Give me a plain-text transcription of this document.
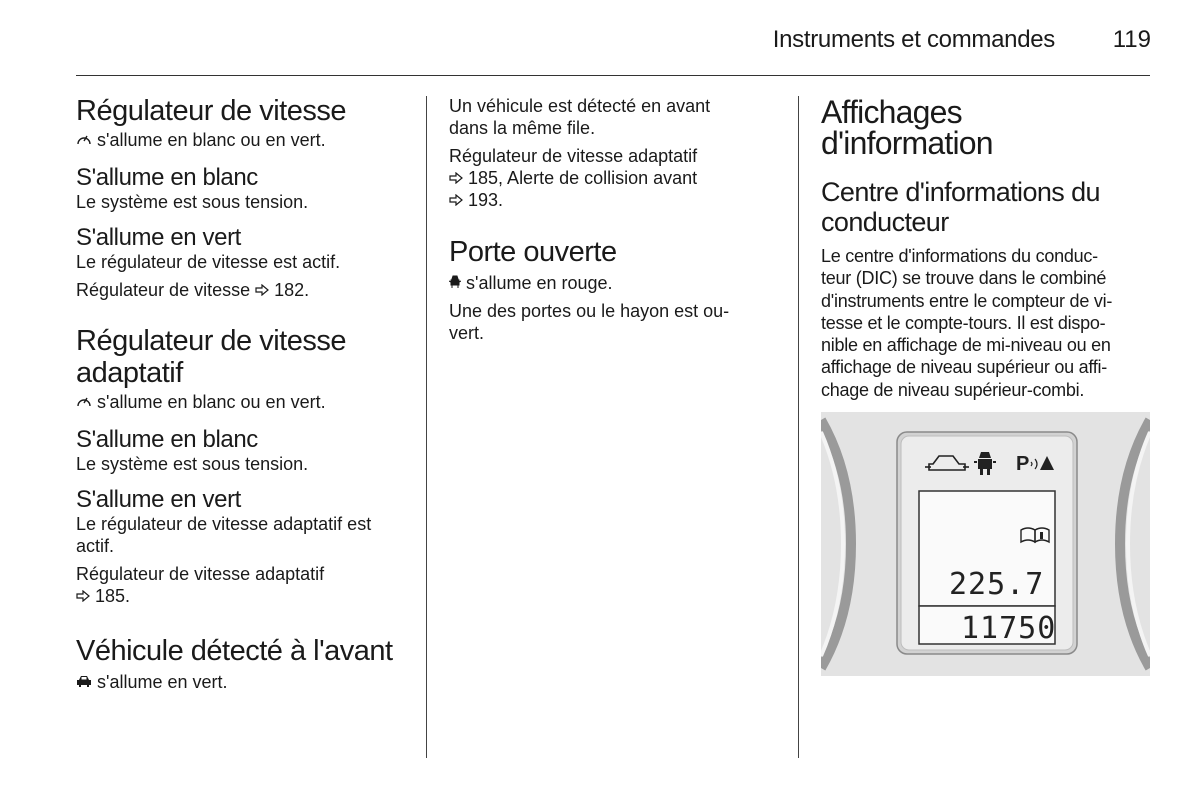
Instruments et commandes 119
Régulateur de vitesse

s'allume en blanc ou en vert.

S'allume en blanc

Le système est sous tension.

S'allume en vert

Le régulateur de vitesse est actif.

Régulateur de vitesse 182.

Régulateur de vitesse
adaptatif

s'allume en blanc ou en vert.

S'allume en blanc

Le système est sous tension.

S'allume en vert

Le régulateur de vitesse adaptatif est
actif.

Régulateur de vitesse adaptatif
185.

Véhicule détecté à l'avant

s'allume en vert.

Un véhicule est détecté en avant
dans la même file.

Régulateur de vitesse adaptatif
185, Alerte de collision avant
193.

Porte ouverte

s'allume en rouge.

Une des portes ou le hayon est ou-
vert.

Affichages
d'information
Centre d'informations du
conducteur
Le centre d'informations du conduc-
teur (DIC) se trouve dans le combiné
d'instruments entre le compteur de vi-
tesse et le compte-tours. Il est dispo-
nible en affichage de mi-niveau ou en
affichage de niveau supérieur ou affi-
chage de niveau supérieur-combi.
P
225.7
11750
